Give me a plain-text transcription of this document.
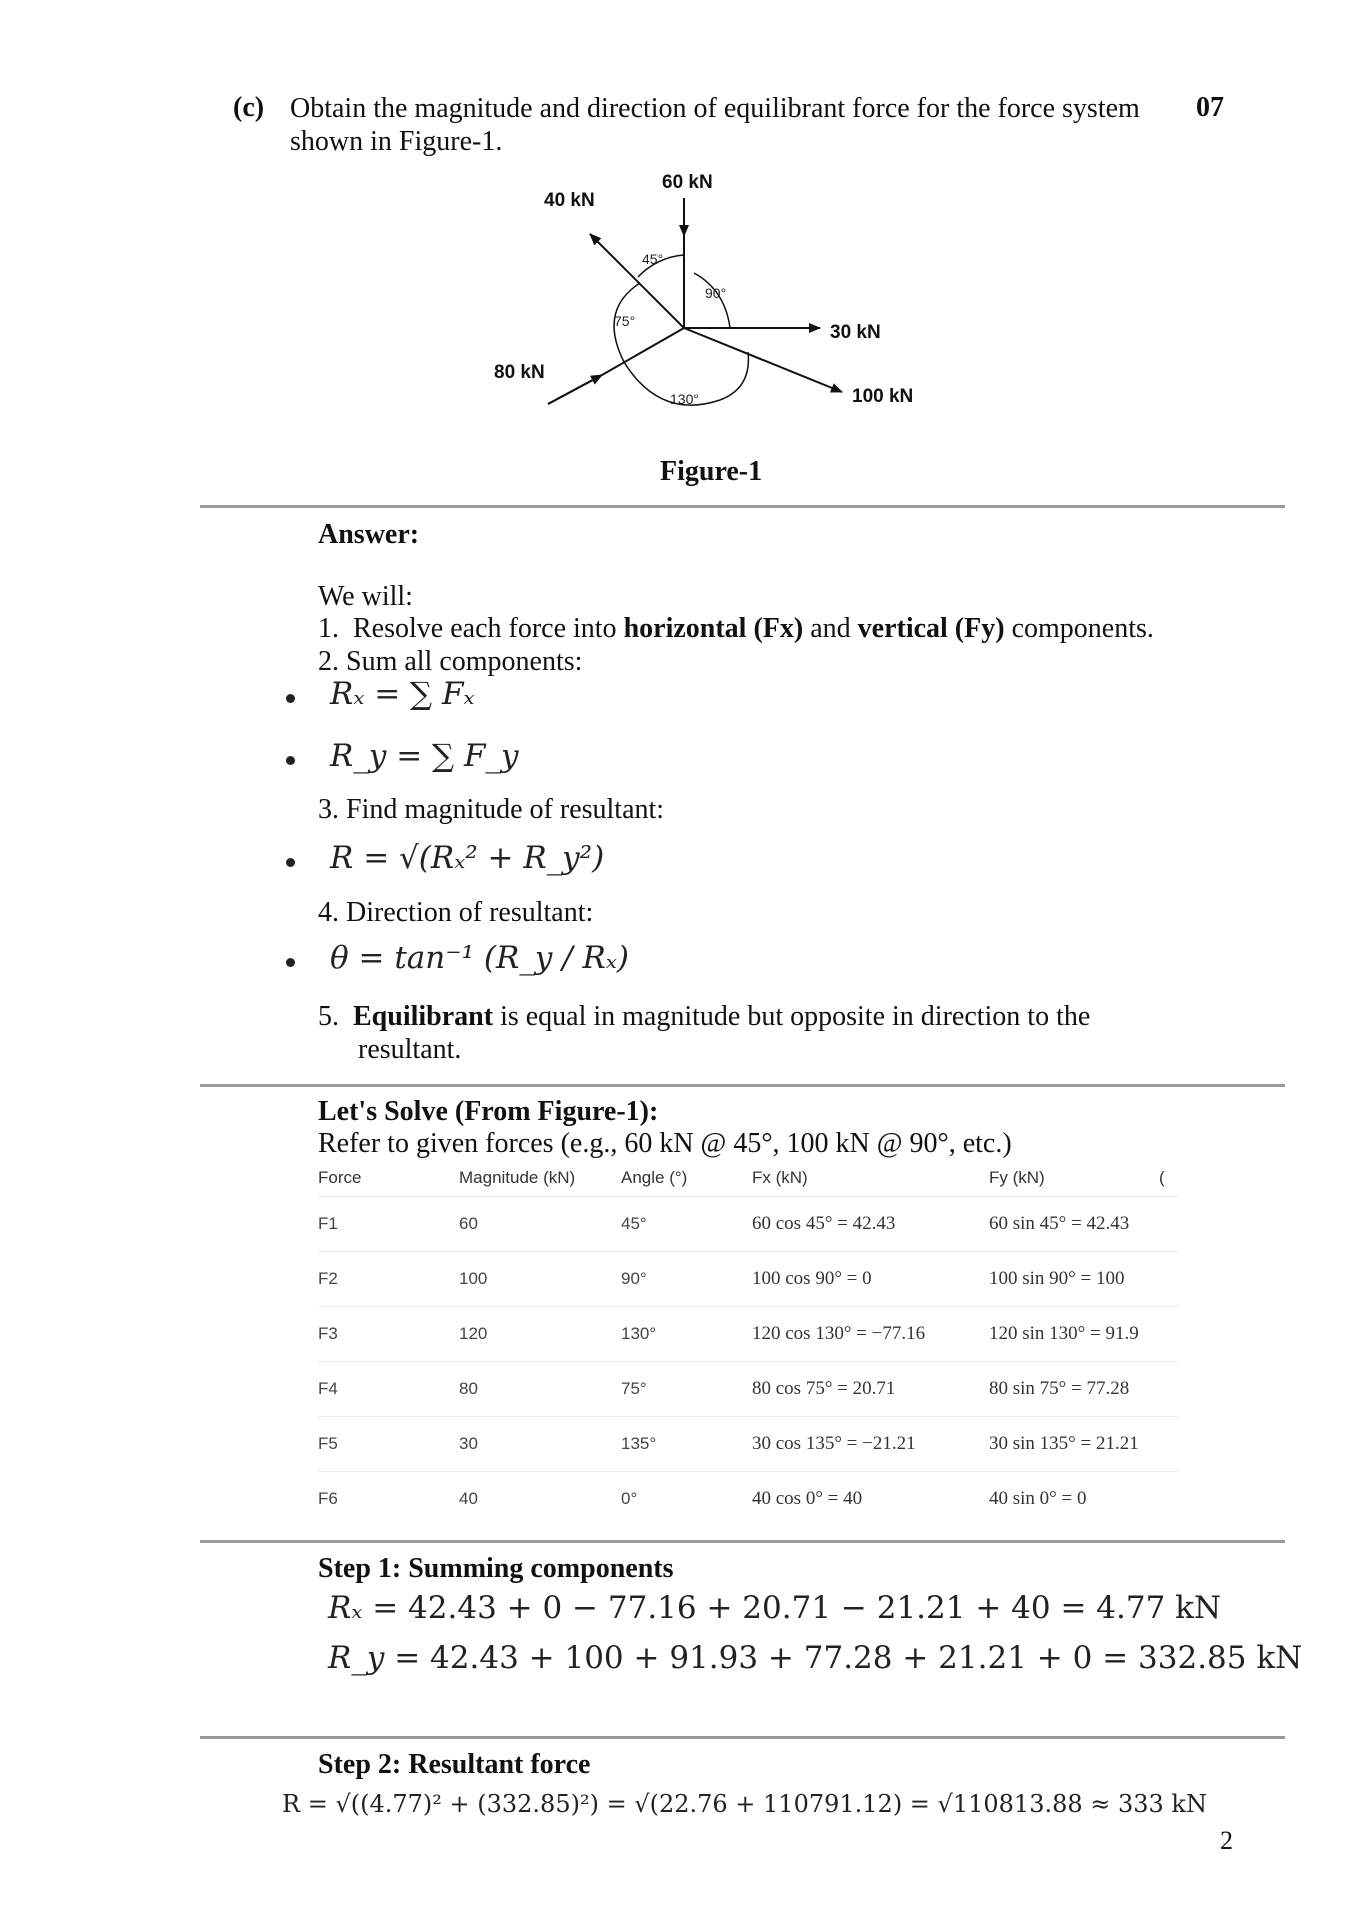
(c) Obtain the magnitude and direction of equilibrant force for the force system
shown in Figure-1.
07
60 kN
40 kN
30 kN
80 kN
100 kN
45°
90°
75°
130°
Figure-1
Answer:
We will:
1. Resolve each force into horizontal (Fx) and vertical (Fy) components.
2. Sum all components:
Rₓ = ∑ Fₓ
R_y = ∑ F_y
3. Find magnitude of resultant:
R = √(Rₓ² + R_y²)
4. Direction of resultant:
θ = tan⁻¹ (R_y / Rₓ)
5. Equilibrant is equal in magnitude but opposite in direction to the
resultant.
Let's Solve (From Figure-1):
Refer to given forces (e.g., 60 kN @ 45°, 100 kN @ 90°, etc.)
Force	Magnitude (kN)	Angle (°)	Fx (kN)	Fy (kN)	(
F1	60	45°	60 cos 45° = 42.43	60 sin 45° = 42.43	
F2	100	90°	100 cos 90° = 0	100 sin 90° = 100	
F3	120	130°	120 cos 130° = −77.16	120 sin 130° = 91.9	
F4	80	75°	80 cos 75° = 20.71	80 sin 75° = 77.28	
F5	30	135°	30 cos 135° = −21.21	30 sin 135° = 21.21	
F6	40	0°	40 cos 0° = 40	40 sin 0° = 0	
Step 1: Summing components
Rₓ = 42.43 + 0 − 77.16 + 20.71 − 21.21 + 40 = 4.77 kN
R_y = 42.43 + 100 + 91.93 + 77.28 + 21.21 + 0 = 332.85 kN
Step 2: Resultant force
R = √((4.77)² + (332.85)²) = √(22.76 + 110791.12) = √110813.88 ≈ 333 kN
2
